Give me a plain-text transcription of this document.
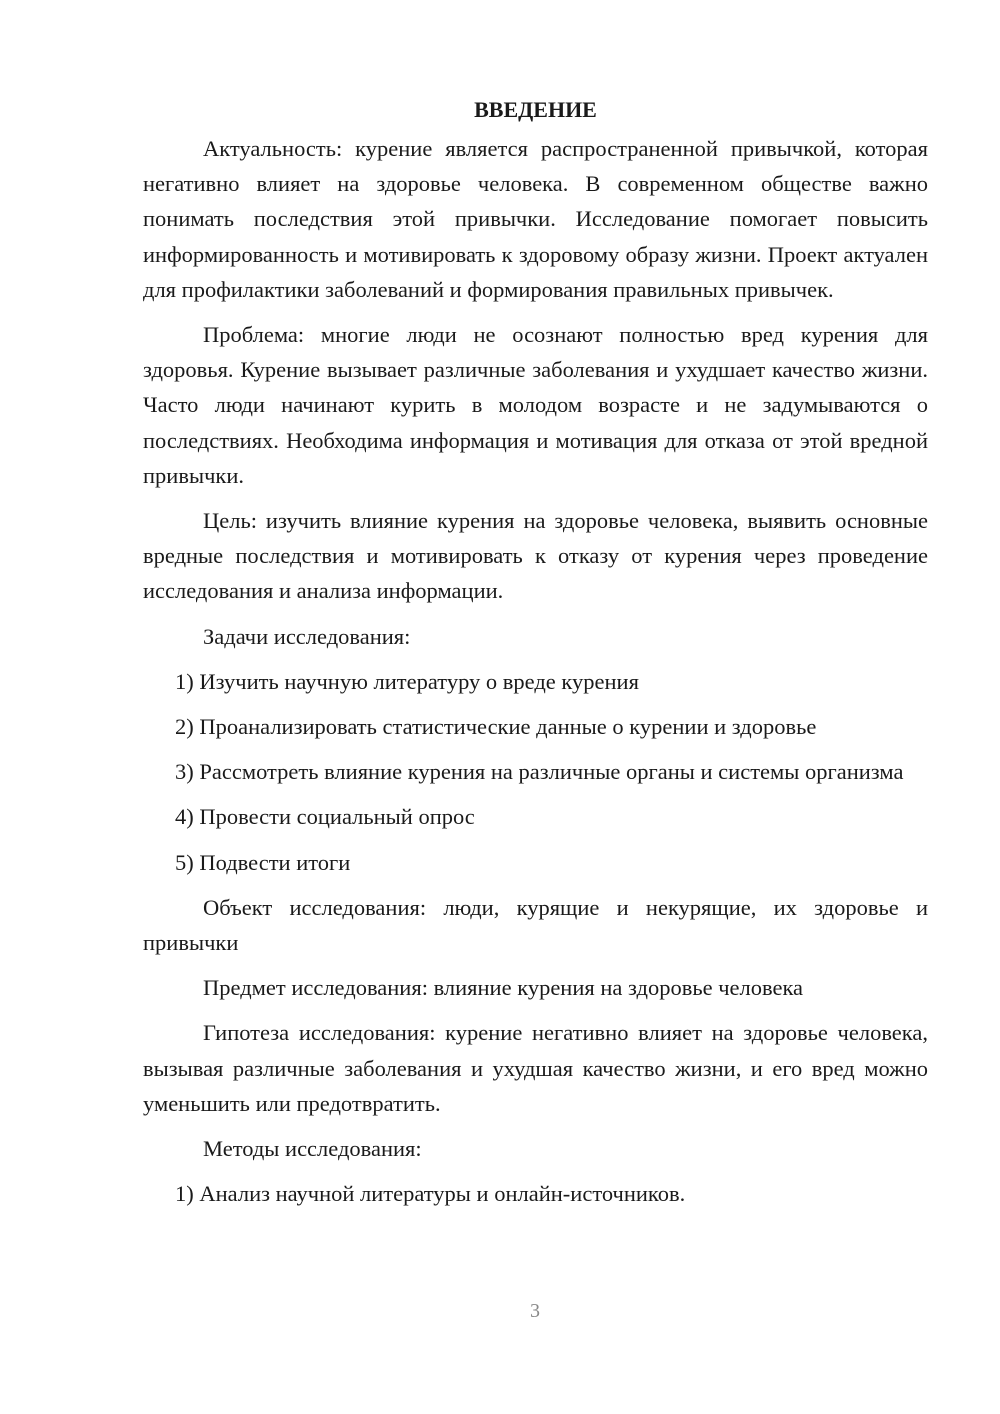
ВВЕДЕНИЕ

Актуальность: курение является распространенной привычкой, которая негативно влияет на здоровье человека. В современном обществе важно понимать последствия этой привычки. Исследование помогает повысить информированность и мотивировать к здоровому образу жизни. Проект актуален для профилактики заболеваний и формирования правильных привычек.

Проблема: многие люди не осознают полностью вред курения для здоровья. Курение вызывает различные заболевания и ухудшает качество жизни. Часто люди начинают курить в молодом возрасте и не задумываются о последствиях. Необходима информация и мотивация для отказа от этой вредной привычки.

Цель: изучить влияние курения на здоровье человека, выявить основные вредные последствия и мотивировать к отказу от курения через проведение исследования и анализа информации.

Задачи исследования:

1) Изучить научную литературу о вреде курения

2) Проанализировать статистические данные о курении и здоровье

3) Рассмотреть влияние курения на различные органы и системы организма

4) Провести социальный опрос

5) Подвести итоги

Объект исследования: люди, курящие и некурящие, их здоровье и привычки

Предмет исследования: влияние курения на здоровье человека

Гипотеза исследования: курение негативно влияет на здоровье человека, вызывая различные заболевания и ухудшая качество жизни, и его вред можно уменьшить или предотвратить.

Методы исследования:

1) Анализ научной литературы и онлайн-источников.

3
